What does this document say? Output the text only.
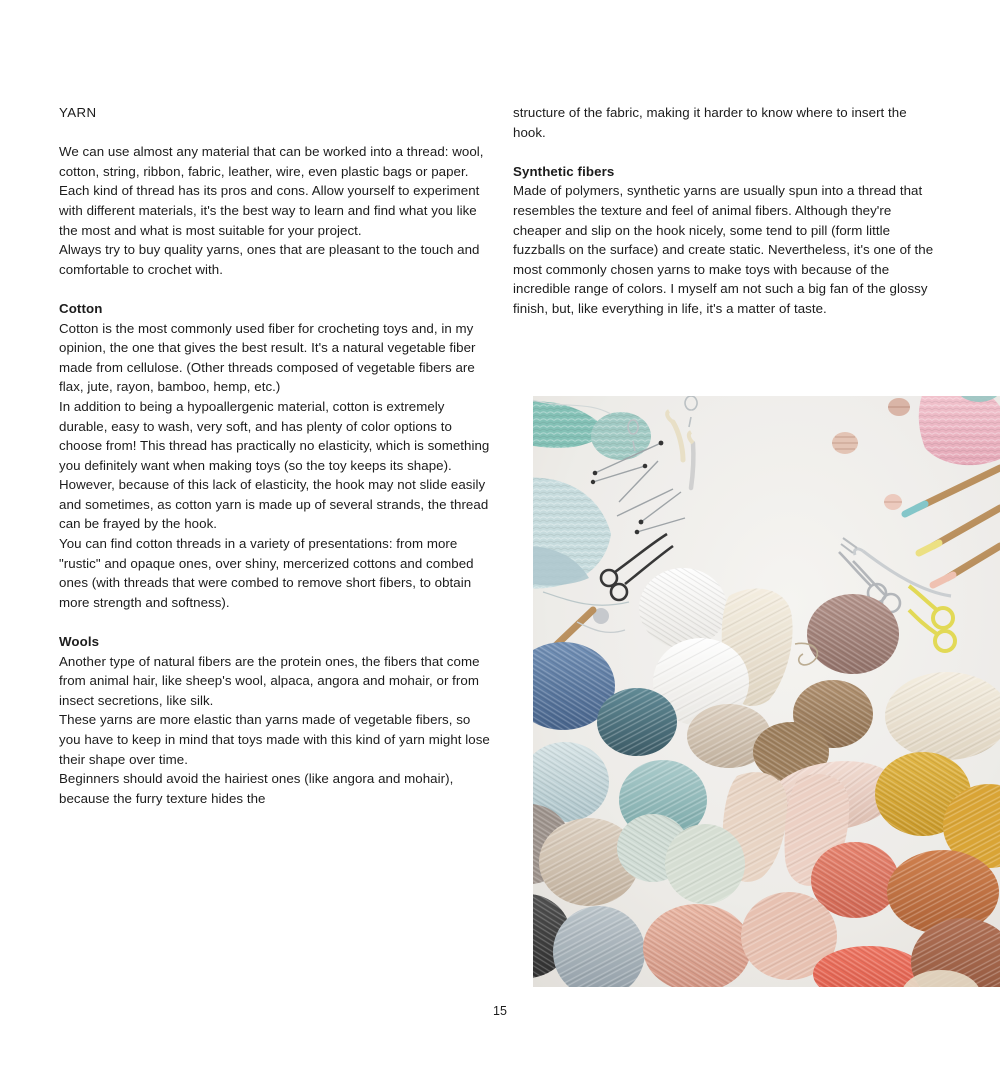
YARN

We can use almost any material that can be worked into a thread: wool, cotton, string, ribbon, fabric, leather, wire, even plastic bags or paper. Each kind of thread has its pros and cons. Allow yourself to experiment with different materials, it's the best way to learn and find what you like the most and what is most suitable for your project.

Always try to buy quality yarns, ones that are pleasant to the touch and comfortable to crochet with.

Cotton

Cotton is the most commonly used fiber for crocheting toys and, in my opinion, the one that gives the best result. It's a natural vegetable fiber made from cellulose. (Other threads composed of vegetable fibers are flax, jute, rayon, bamboo, hemp, etc.)

In addition to being a hypoallergenic material, cotton is extremely durable, easy to wash, very soft, and has plenty of color options to choose from! This thread has practically no elasticity, which is something you definitely want when making toys (so the toy keeps its shape). However, because of this lack of elasticity, the hook may not slide easily and sometimes, as cotton yarn is made up of several strands, the thread can be frayed by the hook.

You can find cotton threads in a variety of presentations: from more "rustic" and opaque ones, over shiny, mercerized cottons and combed ones (with threads that were combed to remove short fibers, to obtain more strength and softness).

Wools

Another type of natural fibers are the protein ones, the fibers that come from animal hair, like sheep's wool, alpaca, angora and mohair, or from insect secretions, like silk.

These yarns are more elastic than yarns made of vegetable fibers, so you have to keep in mind that toys made with this kind of yarn might lose their shape over time.

Beginners should avoid the hairiest ones (like angora and mohair), because the furry texture hides the

structure of the fabric, making it harder to know where to insert the hook.

Synthetic fibers

Made of polymers, synthetic yarns are usually spun into a thread that resembles the texture and feel of animal fibers. Although they're cheaper and slip on the hook nicely, some tend to pill (form little fuzzballs on the surface) and create static. Nevertheless, it's one of the most commonly chosen yarns to make toys with because of the incredible range of colors. I myself am not such a big fan of the glossy finish, but, like everything in life, it's a matter of taste.

15
